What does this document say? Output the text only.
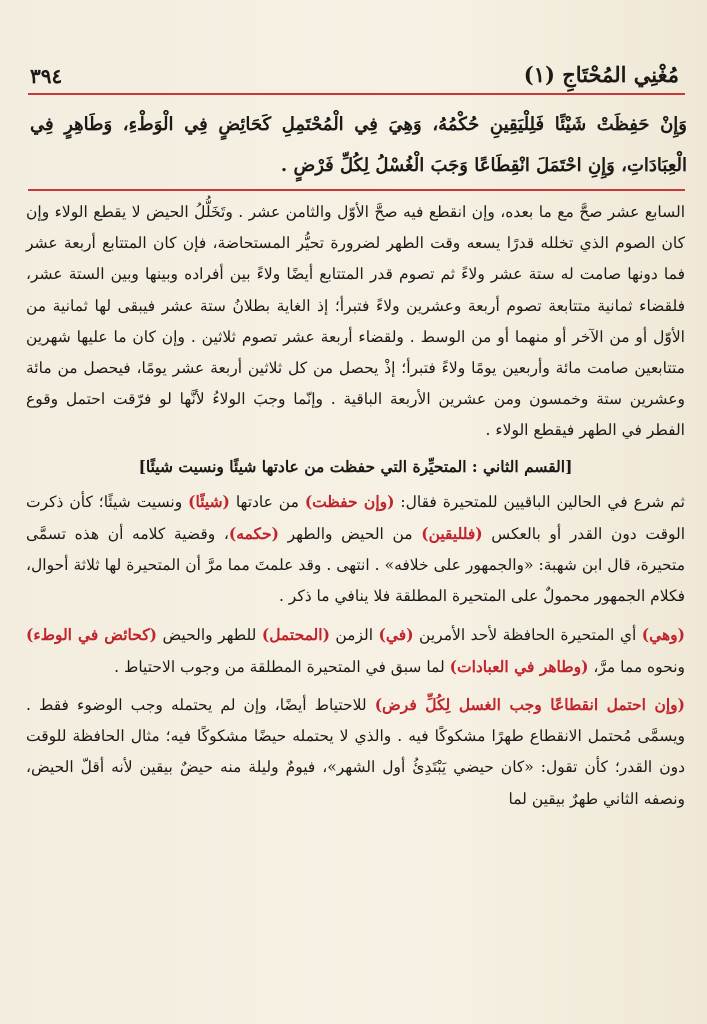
٣٩٤	مُغْنِي المُحْتَاجِ (١)
وَإِنْ حَفِظَتْ شَيْئًا فَلِلْيَقِينِ حُكْمُهُ، وَهِيَ فِي الْمُحْتَمِلِ كَحَائِضٍ فِي الْوَطْءِ، وَطَاهِرٍ فِي الْعِبَادَاتِ، وَإِنِ احْتَمَلَ انْقِطَاعًا وَجَبَ الْغُسْلُ لِكُلِّ فَرْضٍ .

السابع عشر صحَّ مع ما بعده، وإن انقطع فيه صحَّ الأوّل والثامن عشر . وتَخَلُّلُ الحيض لا يقطع الولاء وإن كان الصوم الذي تخلله قدرًا يسعه وقت الطهر لضرورة تحيُّر المستحاضة، فإن كان المتتابع أربعة عشر فما دونها صامت له ستة عشر ولاءً ثم تصوم قدر المتتابع أيضًا ولاءً بين أفراده وبينها وبين الستة عشر، فلقضاء ثمانية متتابعة تصوم أربعة وعشرين ولاءً فتبرأ؛ إذ الغاية بطلانُ ستة عشر فيبقى لها ثمانية من الأوّل أو من الآخر أو منهما أو من الوسط . ولقضاء أربعة عشر تصوم ثلاثين . وإن كان ما عليها شهرين متتابعين صامت مائة وأربعين يومًا ولاءً فتبرأ؛ إذْ يحصل من كل ثلاثين أربعة عشر يومًا، فيحصل من مائة وعشرين ستة وخمسون ومن عشرين الأربعة الباقية . وإنّما وجبَ الولاءُ لأنَّها لو فرّقت احتمل وقوع الفطر في الطهر فيقطع الولاء .

[القسم الثاني : المتحيِّرة التي حفظت من عادتها شيئًا ونسيت شيئًا]

ثم شرع في الحالين الباقيين للمتحيرة فقال: (وإن حفظت) من عادتها (شيئًا) ونسيت شيئًا؛ كأن ذكرت الوقت دون القدر أو بالعكس (فلليقين) من الحيض والطهر (حكمه)، وقضية كلامه أن هذه تسمَّى متحيرة، قال ابن شهبة: «والجمهور على خلافه» . انتهى . وقد علمتَ مما مرَّ أن المتحيرة لها ثلاثة أحوال، فكلام الجمهور محمولٌ على المتحيرة المطلقة فلا ينافي ما ذكر .

(وهي) أي المتحيرة الحافظة لأحد الأمرين (في) الزمن (المحتمل) للطهر والحيض (كحائض في الوطء) ونحوه مما مرَّ، (وطاهر في العبادات) لما سبق في المتحيرة المطلقة من وجوب الاحتياط .

(وإن احتمل انقطاعًا وجب الغسل لِكُلِّ فرض) للاحتياط أيضًا، وإن لم يحتمله وجب الوضوء فقط . ويسمَّى مُحتمل الانقطاع طهرًا مشكوكًا فيه . والذي لا يحتمله حيضًا مشكوكًا فيه؛ مثال الحافظة للوقت دون القدر؛ كأن تقول: «كان حيضي يَبْتَدِئُ أول الشهر»، فيومٌ وليلة منه حيضٌ بيقين لأنه أقلّ الحيض، ونصفه الثاني طهرٌ بيقين لما
